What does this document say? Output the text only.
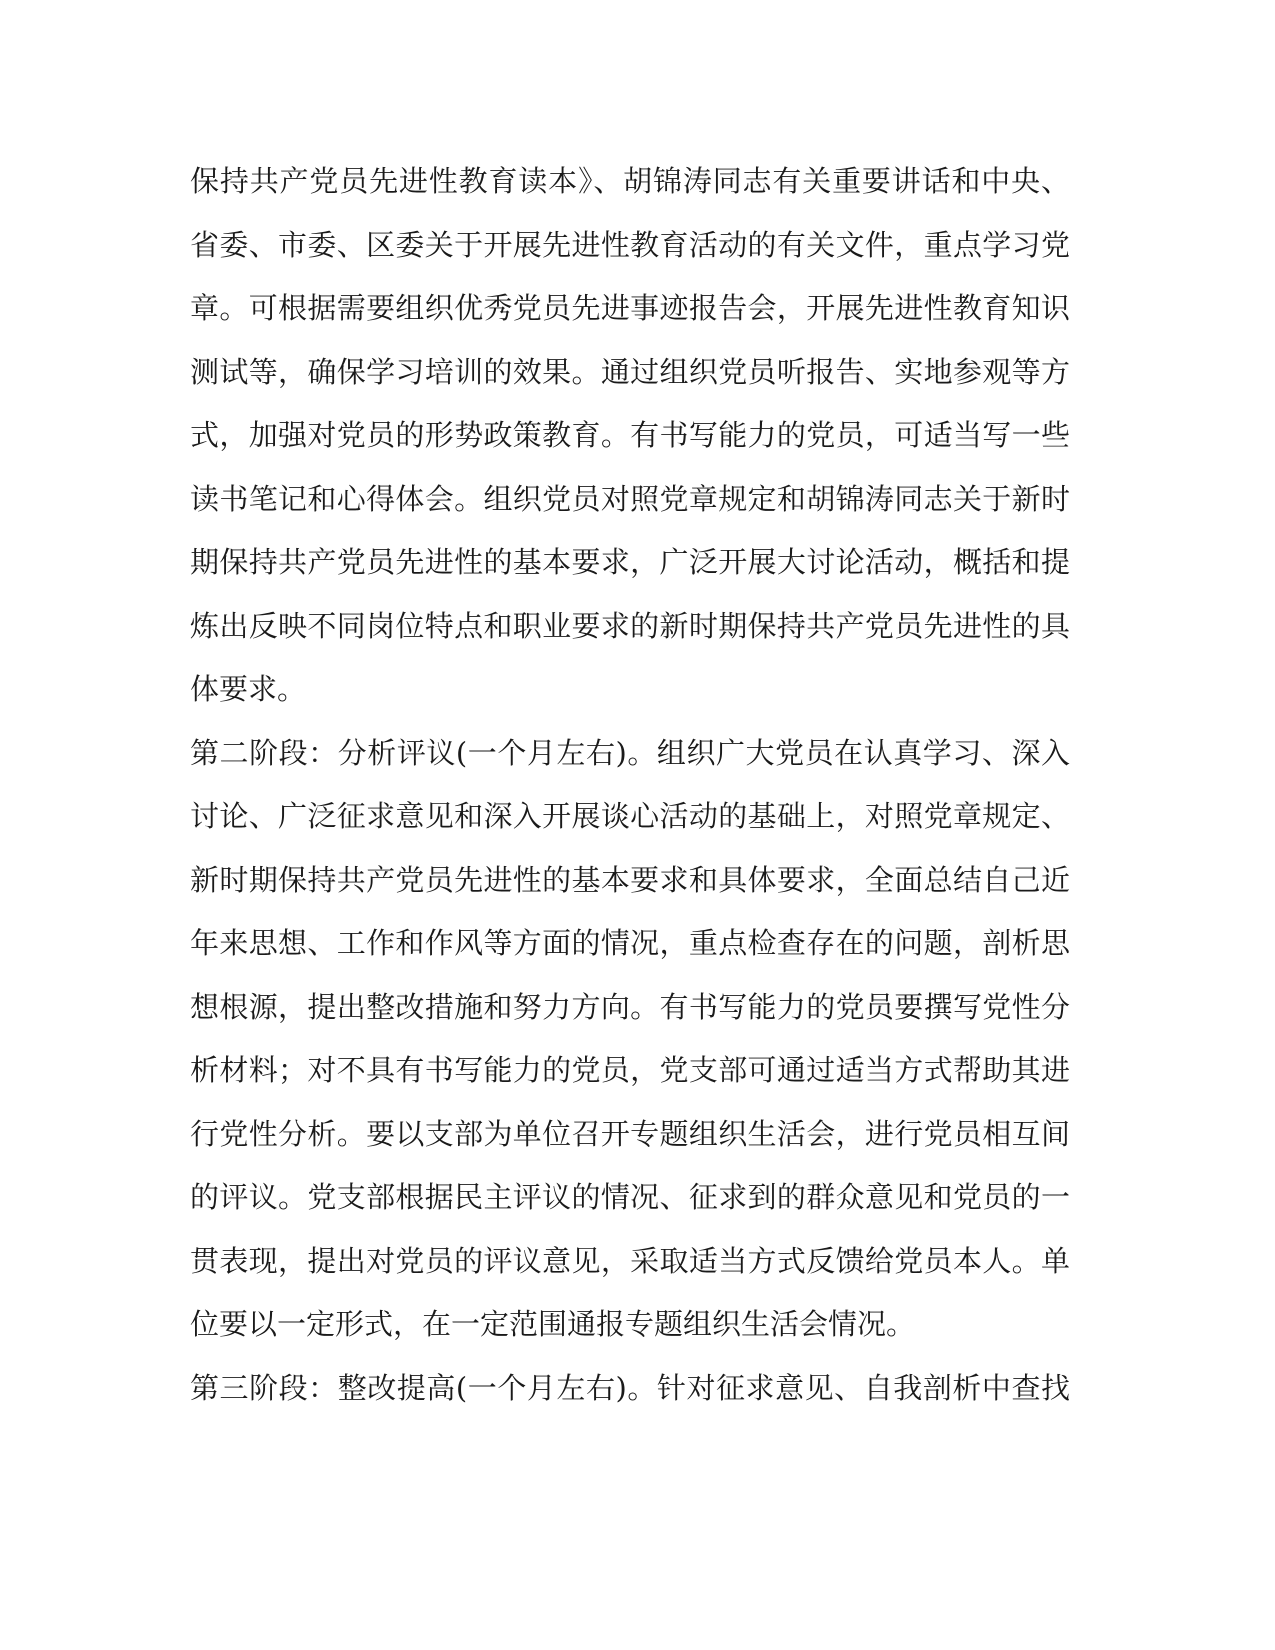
保持共产党员先进性教育读本》、胡锦涛同志有关重要讲话和中央、
省委、市委、区委关于开展先进性教育活动的有关文件，重点学习党
章。可根据需要组织优秀党员先进事迹报告会，开展先进性教育知识
测试等，确保学习培训的效果。通过组织党员听报告、实地参观等方
式，加强对党员的形势政策教育。有书写能力的党员，可适当写一些
读书笔记和心得体会。组织党员对照党章规定和胡锦涛同志关于新时
期保持共产党员先进性的基本要求，广泛开展大讨论活动，概括和提
炼出反映不同岗位特点和职业要求的新时期保持共产党员先进性的具
体要求。
第二阶段：分析评议(一个月左右)。组织广大党员在认真学习、深入
讨论、广泛征求意见和深入开展谈心活动的基础上，对照党章规定、
新时期保持共产党员先进性的基本要求和具体要求，全面总结自己近
年来思想、工作和作风等方面的情况，重点检查存在的问题，剖析思
想根源，提出整改措施和努力方向。有书写能力的党员要撰写党性分
析材料；对不具有书写能力的党员，党支部可通过适当方式帮助其进
行党性分析。要以支部为单位召开专题组织生活会，进行党员相互间
的评议。党支部根据民主评议的情况、征求到的群众意见和党员的一
贯表现，提出对党员的评议意见，采取适当方式反馈给党员本人。单
位要以一定形式，在一定范围通报专题组织生活会情况。
第三阶段：整改提高(一个月左右)。针对征求意见、自我剖析中查找
